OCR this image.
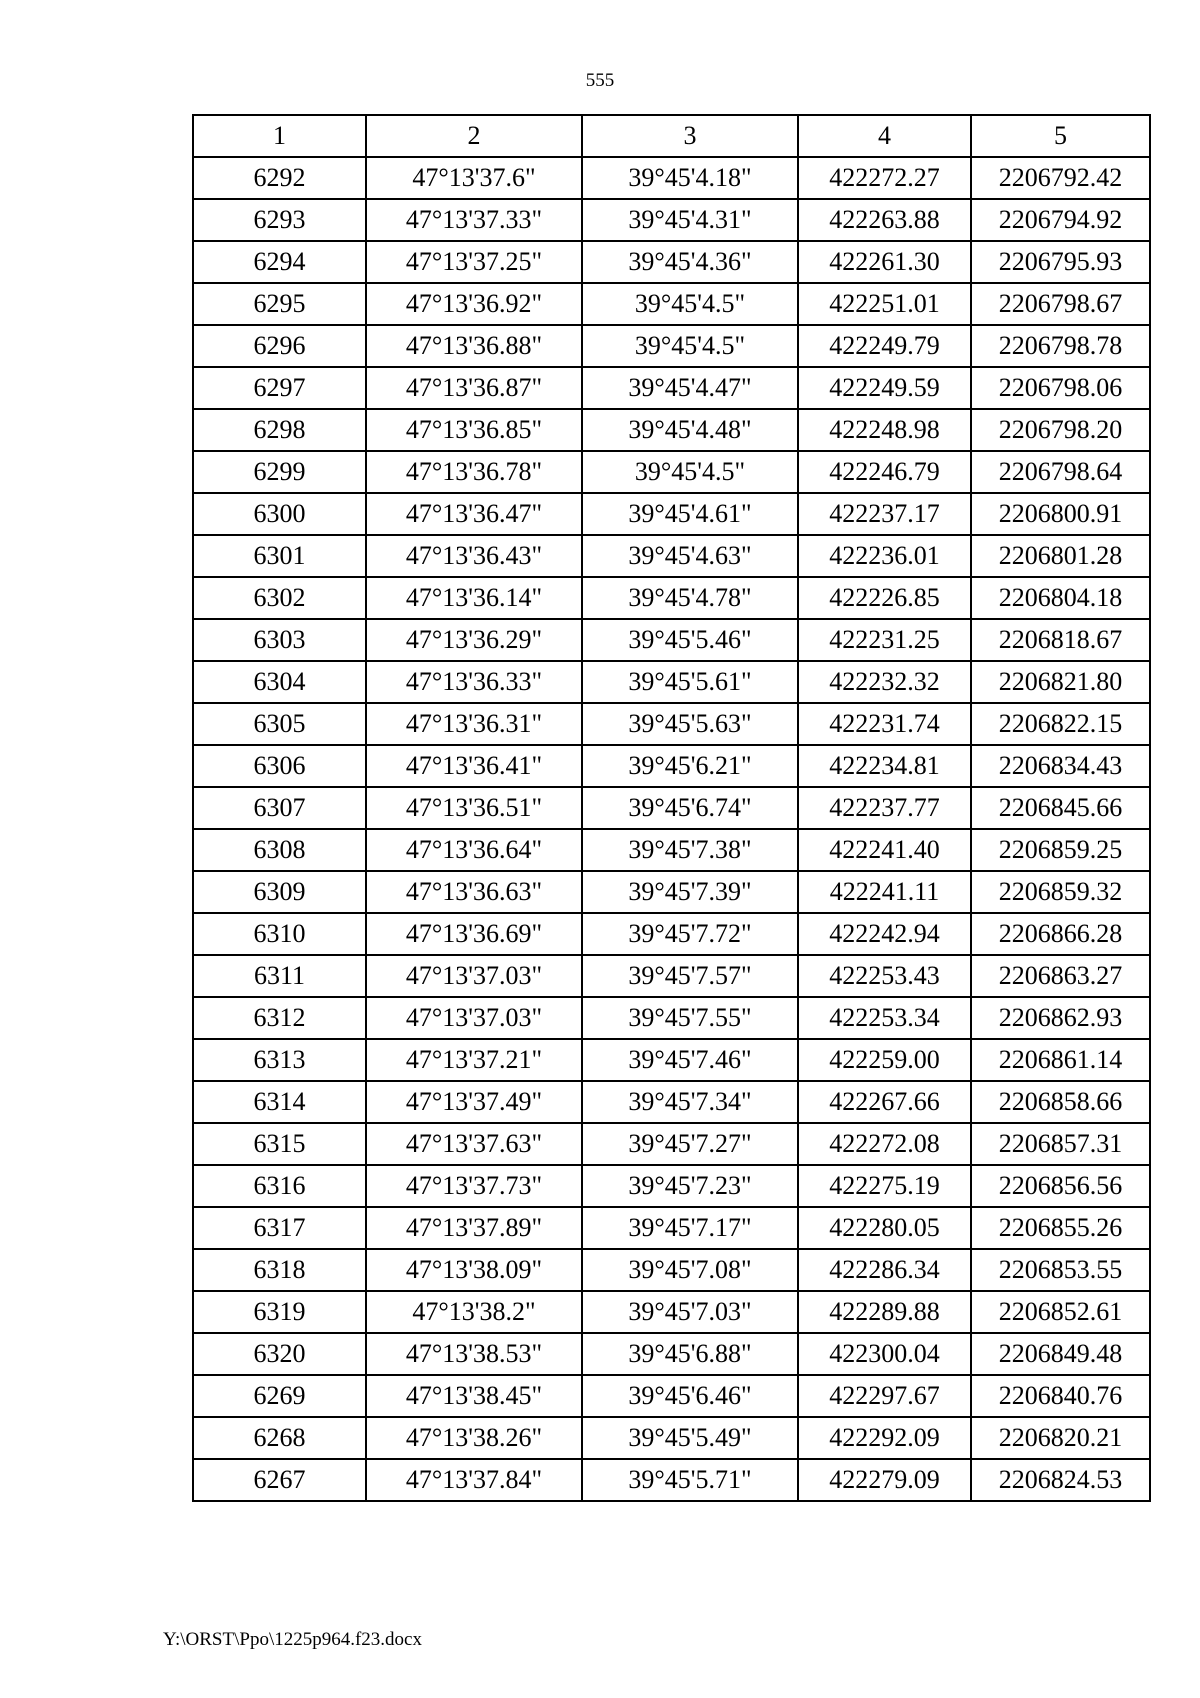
555
1	2	3	4	5
6292	47°13'37.6"	39°45'4.18"	422272.27	2206792.42
6293	47°13'37.33"	39°45'4.31"	422263.88	2206794.92
6294	47°13'37.25"	39°45'4.36"	422261.30	2206795.93
6295	47°13'36.92"	39°45'4.5"	422251.01	2206798.67
6296	47°13'36.88"	39°45'4.5"	422249.79	2206798.78
6297	47°13'36.87"	39°45'4.47"	422249.59	2206798.06
6298	47°13'36.85"	39°45'4.48"	422248.98	2206798.20
6299	47°13'36.78"	39°45'4.5"	422246.79	2206798.64
6300	47°13'36.47"	39°45'4.61"	422237.17	2206800.91
6301	47°13'36.43"	39°45'4.63"	422236.01	2206801.28
6302	47°13'36.14"	39°45'4.78"	422226.85	2206804.18
6303	47°13'36.29"	39°45'5.46"	422231.25	2206818.67
6304	47°13'36.33"	39°45'5.61"	422232.32	2206821.80
6305	47°13'36.31"	39°45'5.63"	422231.74	2206822.15
6306	47°13'36.41"	39°45'6.21"	422234.81	2206834.43
6307	47°13'36.51"	39°45'6.74"	422237.77	2206845.66
6308	47°13'36.64"	39°45'7.38"	422241.40	2206859.25
6309	47°13'36.63"	39°45'7.39"	422241.11	2206859.32
6310	47°13'36.69"	39°45'7.72"	422242.94	2206866.28
6311	47°13'37.03"	39°45'7.57"	422253.43	2206863.27
6312	47°13'37.03"	39°45'7.55"	422253.34	2206862.93
6313	47°13'37.21"	39°45'7.46"	422259.00	2206861.14
6314	47°13'37.49"	39°45'7.34"	422267.66	2206858.66
6315	47°13'37.63"	39°45'7.27"	422272.08	2206857.31
6316	47°13'37.73"	39°45'7.23"	422275.19	2206856.56
6317	47°13'37.89"	39°45'7.17"	422280.05	2206855.26
6318	47°13'38.09"	39°45'7.08"	422286.34	2206853.55
6319	47°13'38.2"	39°45'7.03"	422289.88	2206852.61
6320	47°13'38.53"	39°45'6.88"	422300.04	2206849.48
6269	47°13'38.45"	39°45'6.46"	422297.67	2206840.76
6268	47°13'38.26"	39°45'5.49"	422292.09	2206820.21
6267	47°13'37.84"	39°45'5.71"	422279.09	2206824.53
Y:\ORST\Ppo\1225p964.f23.docx
